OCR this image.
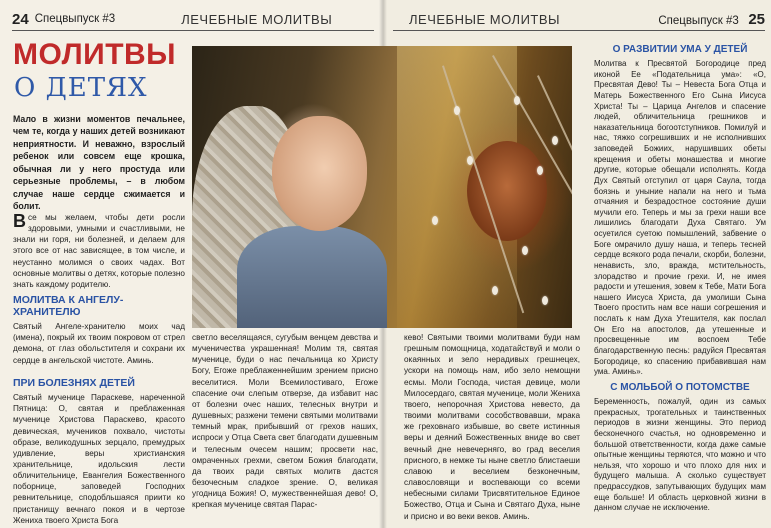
24 Спецвыпуск #3	ЛЕЧЕБНЫЕ МОЛИТВЫ
МОЛИТВЫ
О ДЕТЯХ
Мало в жизни моментов печальнее, чем те, когда у наших детей возникают неприятности. И неважно, взрослый ребенок или совсем еще крошка, обычная ли у него простуда или серьезные проблемы, – в любом случае наше сердце сжимается и болит.
Все мы желаем, чтобы дети росли здоровыми, умными и счастливыми, не знали ни горя, ни болезней, и делаем для этого все от нас зависящее, в том числе, и неустанно молимся о своих чадах. Вот основные молитвы о детях, которые полезно знать каждому родителю.

МОЛИТВА К АНГЕЛУ-ХРАНИТЕЛЮ

Святый Ангеле-хранителю моих чад (имена), покрый их твоим покровом от стрел демона, от глаз обольстителя и сохрани их сердце в ангельской чистоте. Аминь.

ПРИ БОЛЕЗНЯХ ДЕТЕЙ

Святый мученице Параскеве, нареченной Пятница: О, святая и преблаженная мученице Христова Параскево, красото девическая, мучеников похвало, чистоты образе, великодушных зерцало, премудрых удивление, веры христианския хранительнице, идольския лести обличительнице, Евангелия Божественного поборнице, заповедей Господних ревнительнице, сподобльшаяся приити ко пристанищу вечнаго покоя и в чертозе Жениха твоего Христа Бога
светло веселящаяся, сугубым венцем девства и мученичества украшенная! Молим тя, святая мученице, буди о нас печальница ко Христу Богу, Егоже преблаженнейшим зрением присно веселитися. Моли Всемилостиваго, Егоже спасение очи слепым отверзе, да избавит нас от болезни очес наших, телесных внутри и душевных; разжени темени святыми молитвами темный мрак, прибывший от грехов наших, испроси у Отца Света свет благодати душевным и телесным очесем нашим; просвети нас, омраченных грехми, светом Божия благодати, да твоих ради святых молитв дастся безочесным сладкое зрение. О, великая угодница Божия! О, мужественнейшая дево! О, крепкая мученице святая Парас-
ЛЕЧЕБНЫЕ МОЛИТВЫ	Спецвыпуск #3 25
кево! Святыми твоими молитвами буди нам грешным помощница, ходатайствуй и моли о окаянных и зело нерадивых грешнецех, ускори на помощь нам, ибо зело немощни есмы. Моли Господа, чистая девице, моли Милосердаго, святая мученице, моли Жениха твоего, непорочная Христова невесто, да твоими молитвами сособствовавши, мрака же греховнаго избывше, во свете истинныя веры и деяний Божественных вниде во свет вечный дне невечерняго, во град веселия присного, в немже ты ныне светло блистаеши славою и веселием безконечным, славословящи и воспевающи со всеми небесными силами Трисвятительное Единое Божество, Отца и Сына и Святаго Духа, ныне и присно и во веки веков. Аминь.

О РАЗВИТИИ УМА У ДЕТЕЙ

Молитва к Пресвятой Богородице пред иконой Ее «Подательница ума»: «О, Пресвятая Дево! Ты – Невеста Бога Отца и Матерь Божественного Его Сына Иисуса Христа! Ты – Царица Ангелов и спасение людей, обличительница грешников и наказательница богоотступников. Помилуй и нас, тяжко согрешивших и не исполнивших заповедей Божиих, нарушивших обеты крещения и обеты монашества и многие другие, которые обещали исполнять. Когда Дух Святый отступил от царя Саула, тогда боязнь и уныние напали на него и тьма отчаяния и безрадостное состояние души мучили его. Теперь и мы за грехи наши все лишились благодати Духа Святаго. Ум осуетился суетою помышлений, забвение о Боге омрачило душу наша, и теперь тесней сердце всякого рода печали, скорби, болезни, ненависть, зло, вражда, мстительность, злорадство и прочие грехи. И, не имея радости и утешения, зовем к Тебе, Мати Бога нашего Иисуса Христа, да умолиши Сына Твоего простить нам все наши согрешения и послать к нам Духа Утешителя, как послал Он Его на апостолов, да утешенные и просвещенные им воспоем Тебе благодарственную песнь: радуйся Пресвятая Богородице, ко спасению прибавившая нам ума. Аминь».

С МОЛЬБОЙ О ПОТОМСТВЕ

Беременность, пожалуй, один из самых прекрасных, трогательных и таинственных периодов в жизни женщины. Это период бесконечного счастья, но одновременно и большой ответственности, когда даже самые опытные женщины теряются, что можно и что нельзя, что хорошо и что плохо для них и будущего малыша. А сколько существует предрассудков, запутывающих будущих мам еще больше! И область церковной жизни в данном случае не исключение.
